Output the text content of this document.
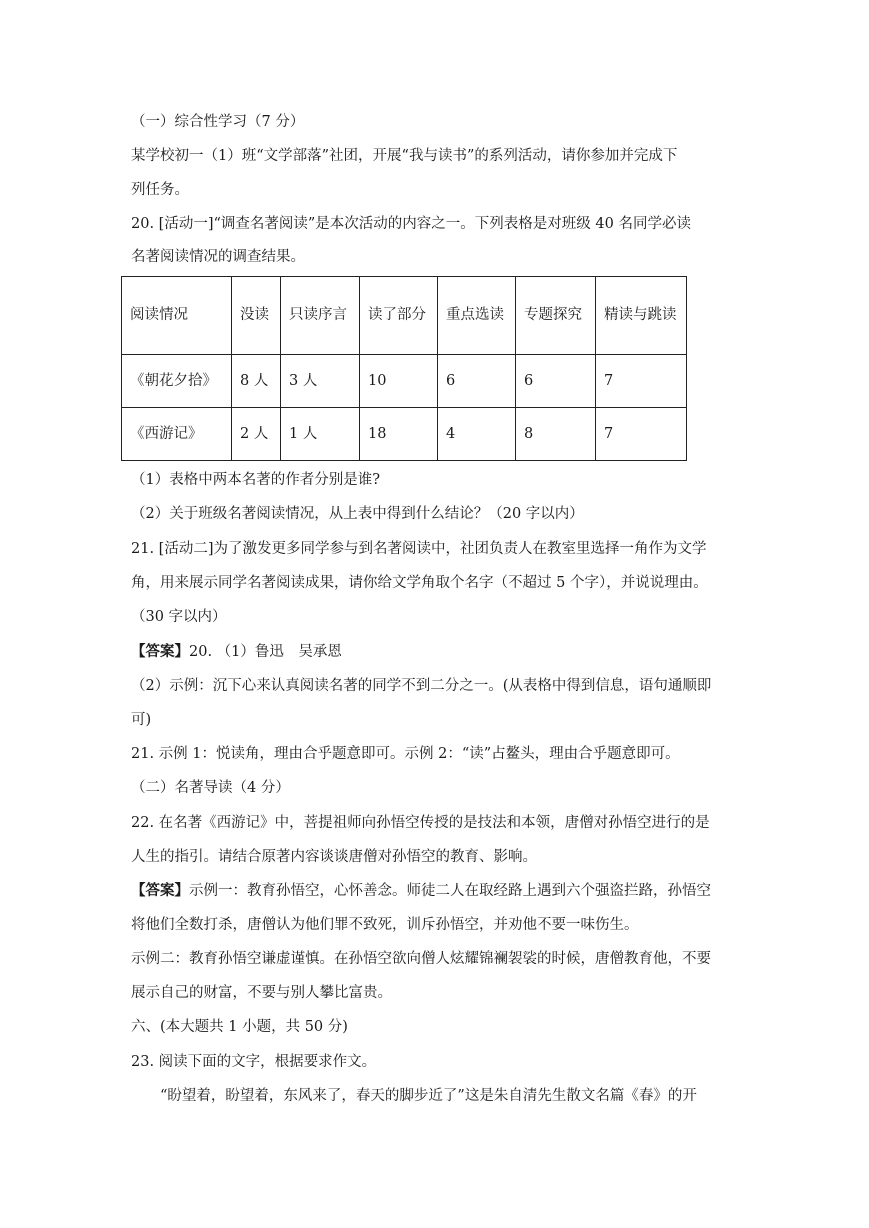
（一）综合性学习（7 分）
某学校初一（1）班“文学部落”社团，开展“我与读书”的系列活动，请你参加并完成下
列任务。
20. [活动一]“调查名著阅读”是本次活动的内容之一。下列表格是对班级 40 名同学必读
名著阅读情况的调查结果。
阅读情况	没读	只读序言	读了部分	重点选读	专题探究	精读与跳读
《朝花夕拾》	8 人	3 人	10	6	6	7
《西游记》	2 人	1 人	18	4	8	7
（1）表格中两本名著的作者分别是谁?
（2）关于班级名著阅读情况，从上表中得到什么结论？（20 字以内）
21. [活动二]为了激发更多同学参与到名著阅读中，社团负责人在教室里选择一角作为文学
角，用来展示同学名著阅读成果，请你给文学角取个名字（不超过 5 个字），并说说理由。
（30 字以内）
【答案】20. （1）鲁迅　吴承恩
（2）示例：沉下心来认真阅读名著的同学不到二分之一。(从表格中得到信息，语句通顺即
可)
21. 示例 1：悦读角，理由合乎题意即可。示例 2：“读”占鳌头，理由合乎题意即可。
（二）名著导读（4 分）
22. 在名著《西游记》中，菩提祖师向孙悟空传授的是技法和本领，唐僧对孙悟空进行的是
人生的指引。请结合原著内容谈谈唐僧对孙悟空的教育、影响。
【答案】示例一：教育孙悟空，心怀善念。师徒二人在取经路上遇到六个强盗拦路，孙悟空
将他们全数打杀，唐僧认为他们罪不致死，训斥孙悟空，并劝他不要一味伤生。
示例二：教育孙悟空谦虚谨慎。在孙悟空欲向僧人炫耀锦襕袈裟的时候，唐僧教育他，不要
展示自己的财富，不要与别人攀比富贵。
六、(本大题共 1 小题，共 50 分)
23. 阅读下面的文字，根据要求作文。
“盼望着，盼望着，东风来了，春天的脚步近了”这是朱自清先生散文名篇《春》的开
